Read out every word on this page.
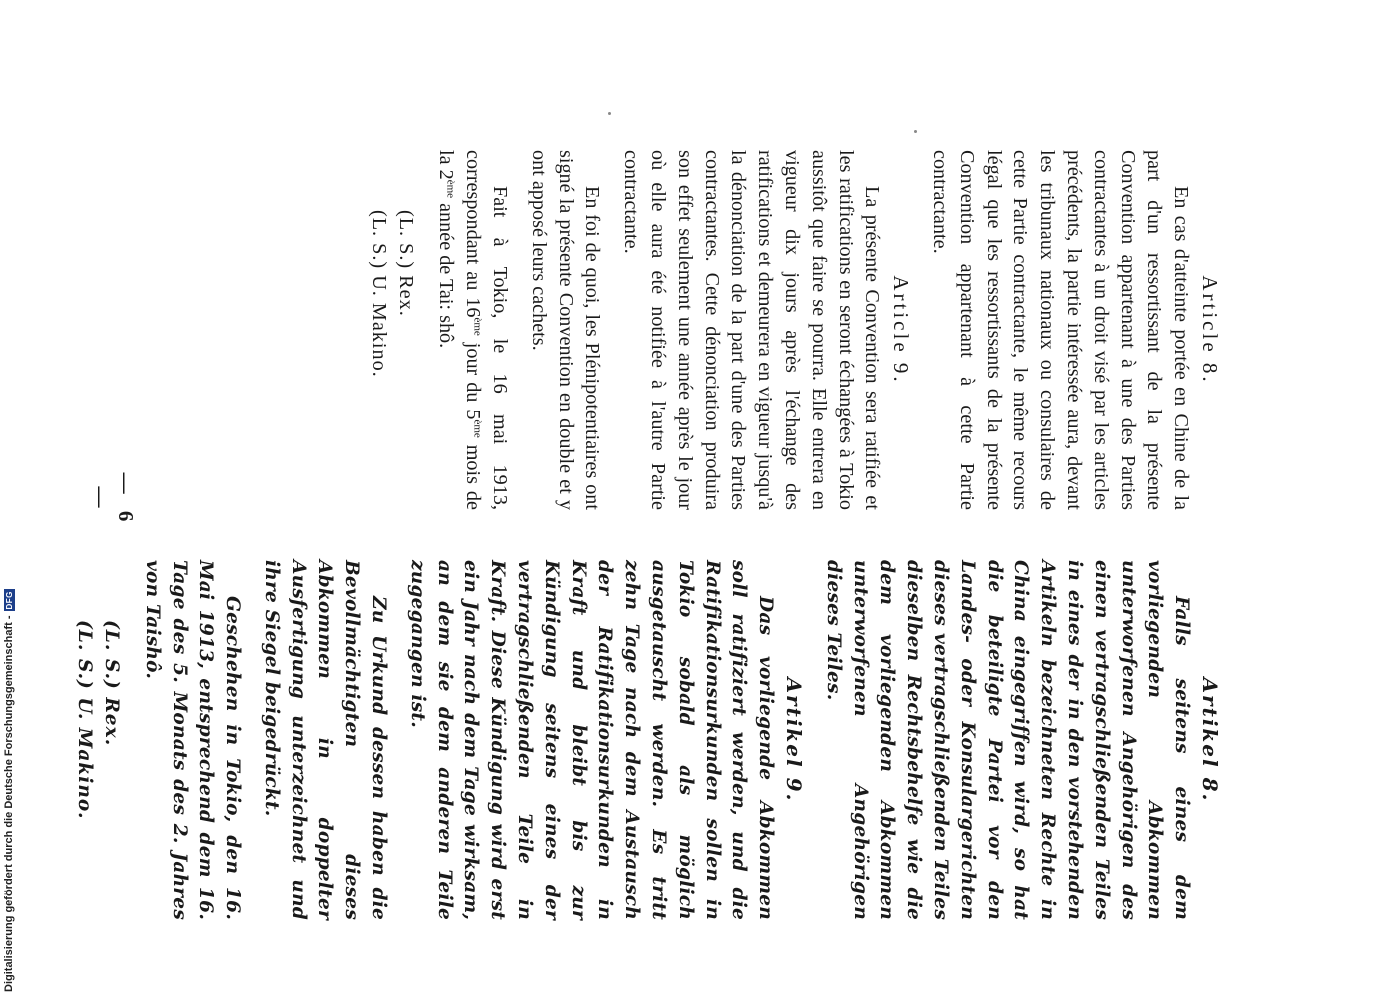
Article 8.

En cas d'atteinte portée en Chine de la part d'un ressortissant de la présente Convention appartenant à une des Parties contractantes à un droit visé par les articles précédents, la partie intéressée aura, devant les tribunaux nationaux ou consulaires de cette Partie contractante, le même recours légal que les ressortissants de la présente Convention appartenant à cette Partie contractante.

Article 9.

La présente Convention sera ratifiée et les ratifications en seront échangées à Tokio aussitôt que faire se pourra. Elle entrera en vigueur dix jours après l'échange des ratifications et demeurera en vigueur jusqu'à la dénonciation de la part d'une des Parties contractantes. Cette dénonciation produira son effet seulement une année après le jour où elle aura été notifiée à l'autre Partie contractante.

En foi de quoi, les Plénipotentiaires ont signé la présente Convention en double et y ont apposé leurs cachets.

Fait à Tokio, le 16 mai 1913, correspondant au 16ème jour du 5ème mois de la 2ème année de Tai: shô.

(L. S.) Rex.

(L. S.) U. Makino.

Artikel 8.

Falls seitens eines dem vorliegenden Abkommen unterworfenen Angehörigen des einen vertragschließenden Teiles in eines der in den vorstehenden Artikeln bezeichneten Rechte in China eingegriffen wird, so hat die beteiligte Partei vor den Landes- oder Konsulargerichten dieses vertragschließenden Teiles dieselben Rechtsbehelfe wie die dem vorliegenden Abkommen unterworfenen Angehörigen dieses Teiles.

Artikel 9.

Das vorliegende Abkommen soll ratifiziert werden, und die Ratifikationsurkunden sollen in Tokio sobald als möglich ausgetauscht werden. Es tritt zehn Tage nach dem Austausch der Ratifikationsurkunden in Kraft und bleibt bis zur Kündigung seitens eines der vertragschließenden Teile in Kraft. Diese Kündigung wird erst ein Jahr nach dem Tage wirksam, an dem sie dem anderen Teile zugegangen ist.

Zu Urkund dessen haben die Bevollmächtigten dieses Abkommen in doppelter Ausfertigung unterzeichnet und ihre Siegel beigedrückt.

Geschehen in Tokio, den 16. Mai 1913, entsprechend dem 16. Tage des 5. Monats des 2. Jahres von Taishô.

(L. S.) Rex.

(L. S.) U. Makino.

— 6 —
Digitalisierung gefördert durch die Deutsche Forschungsgemeinschaft -
DFG
